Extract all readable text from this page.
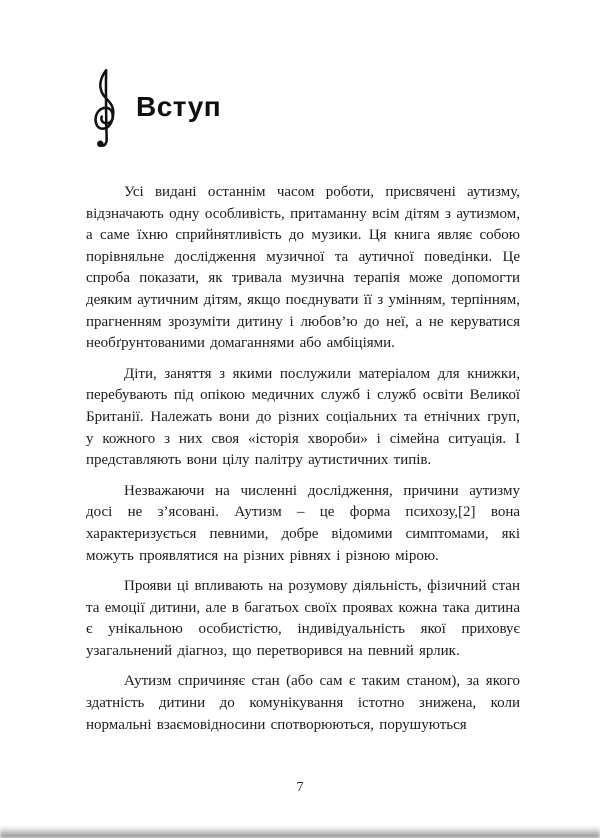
Вступ

Усі видані останнім часом роботи, присвячені аутизму, відзначають одну особливість, притаманну всім дітям з аутизмом, а саме їхню сприйнятливість до музики. Ця книга являє собою порівняльне дослідження музичної та аутичної поведінки. Це спроба показати, як тривала музична терапія може допомогти деяким аутичним дітям, якщо поєднувати її з умінням, терпінням, прагненням зрозуміти дитину і любов’ю до неї, а не керуватися необґрунтованими домаганнями або амбіціями.

Діти, заняття з якими послужили матеріалом для книжки, перебувають під опікою медичних служб і служб освіти Великої Британії. Належать вони до різних соціальних та етнічних груп, у кожного з них своя «історія хвороби» і сімейна ситуація. І представляють вони цілу палітру аутистичних типів.

Незважаючи на численні дослідження, причини аутизму досі не з’ясовані. Аутизм – це форма психозу,[2] вона характеризується певними, добре відомими симптомами, які можуть проявлятися на різних рівнях і різною мірою.

Прояви ці впливають на розумову діяльність, фізичний стан та емоції дитини, але в багатьох своїх проявах кожна така дитина є унікальною особистістю, індивідуальність якої приховує узагальнений діагноз, що перетворився на певний ярлик.

Аутизм спричиняє стан (або сам є таким станом), за якого здатність дитини до комунікування істотно знижена, коли нормальні взаємовідносини спотворюються, порушуються

7
